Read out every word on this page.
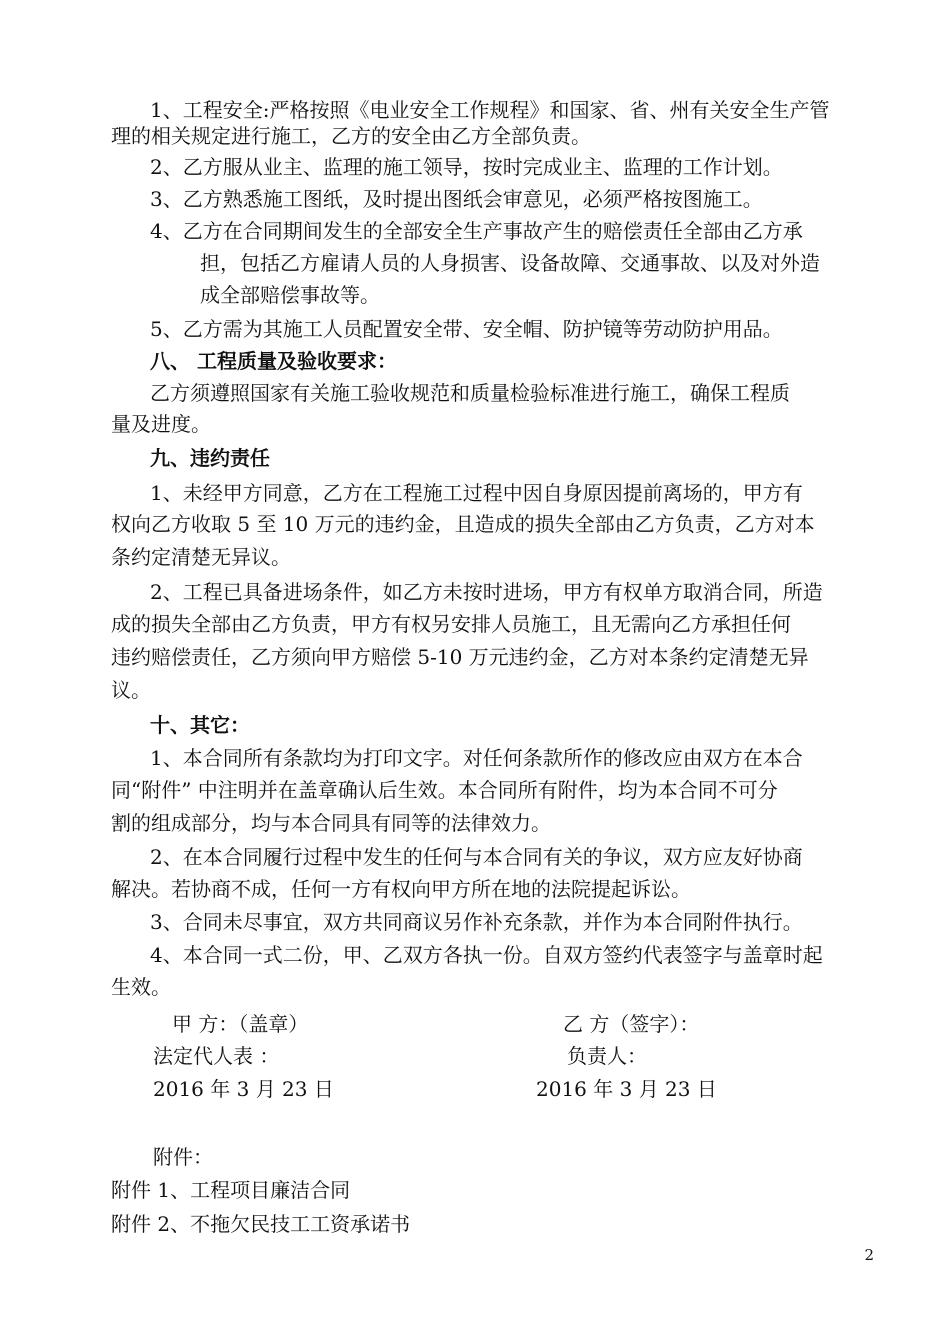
1、工程安全:严格按照《电业安全工作规程》和国家、省、州有关安全生产管
理的相关规定进行施工，乙方的安全由乙方全部负责。
2、乙方服从业主、监理的施工领导，按时完成业主、监理的工作计划。
3、乙方熟悉施工图纸，及时提出图纸会审意见，必须严格按图施工。
4、乙方在合同期间发生的全部安全生产事故产生的赔偿责任全部由乙方承
担，包括乙方雇请人员的人身损害、设备故障、交通事故、以及对外造
成全部赔偿事故等。
5、乙方需为其施工人员配置安全带、安全帽、防护镜等劳动防护用品。
八、 工程质量及验收要求：
乙方须遵照国家有关施工验收规范和质量检验标准进行施工，确保工程质
量及进度。
九、违约责任
1、未经甲方同意，乙方在工程施工过程中因自身原因提前离场的，甲方有
权向乙方收取 5 至 10 万元的违约金，且造成的损失全部由乙方负责，乙方对本
条约定清楚无异议。
2、工程已具备进场条件，如乙方未按时进场，甲方有权单方取消合同，所造
成的损失全部由乙方负责，甲方有权另安排人员施工，且无需向乙方承担任何
违约赔偿责任，乙方须向甲方赔偿 5-10 万元违约金，乙方对本条约定清楚无异
议。
十、其它：
1、本合同所有条款均为打印文字。对任何条款所作的修改应由双方在本合
同“附件” 中注明并在盖章确认后生效。本合同所有附件，均为本合同不可分
割的组成部分，均与本合同具有同等的法律效力。
2、在本合同履行过程中发生的任何与本合同有关的争议，双方应友好协商
解决。若协商不成，任何一方有权向甲方所在地的法院提起诉讼。
3、合同未尽事宜，双方共同商议另作补充条款，并作为本合同附件执行。
4、本合同一式二份，甲、乙双方各执一份。自双方签约代表签字与盖章时起
生效。
甲 方：（盖章）	乙 方（签字）：
法定代人表 ：	负责人：
2016 年 3 月 23 日	2016 年 3 月 23 日
附件：
附件 1、工程项目廉洁合同
附件 2、不拖欠民技工工资承诺书
2
